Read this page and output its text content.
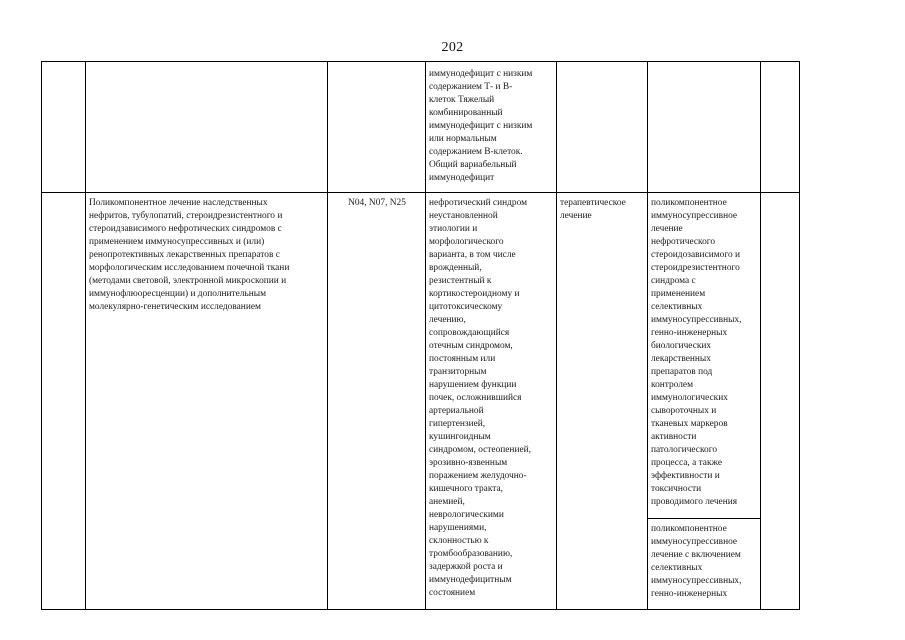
202
иммунодефицит с низким
содержанием Т- и В-
клеток Тяжелый
комбинированный
иммунодефицит с низким
или нормальным
содержанием В-клеток.
Общий вариабельный
иммунодефицит
Поликомпонентное лечение наследственных
нефритов, тубулопатий, стероидрезистентного и
стероидзависимого нефротических синдромов с
применением иммуносупрессивных и (или)
ренопротективных лекарственных препаратов с
морфологическим исследованием почечной ткани
(методами световой, электронной микроскопии и
иммунофлюоресценции) и дополнительным
молекулярно-генетическим исследованием
N04, N07, N25	нефротический синдром
неустановленной
этиологии и
морфологического
варианта, в том числе
врожденный,
резистентный к
кортикостероидному и
цитотоксическому
лечению,
сопровождающийся
отечным синдромом,
постоянным или
транзиторным
нарушением функции
почек, осложнившийся
артериальной
гипертензией,
кушингоидным
синдромом, остеопенией,
эрозивно-язвенным
поражением желудочно-
кишечного тракта,
анемией,
неврологическими
нарушениями,
склонностью к
тромбообразованию,
задержкой роста и
иммунодефицитным
состоянием
терапевтическое
лечение
поликомпонентное
иммуносупрессивное
лечение
нефротического
стероидозависимого и
стероидрезистентного
синдрома с
применением
селективных
иммуносупрессивных,
генно-инженерных
биологических
лекарственных
препаратов под
контролем
иммунологических
сывороточных и
тканевых маркеров
активности
патологического
процесса, а также
эффективности и
токсичности
проводимого лечения
поликомпонентное
иммуносупрессивное
лечение с включением
селективных
иммуносупрессивных,
генно-инженерных
